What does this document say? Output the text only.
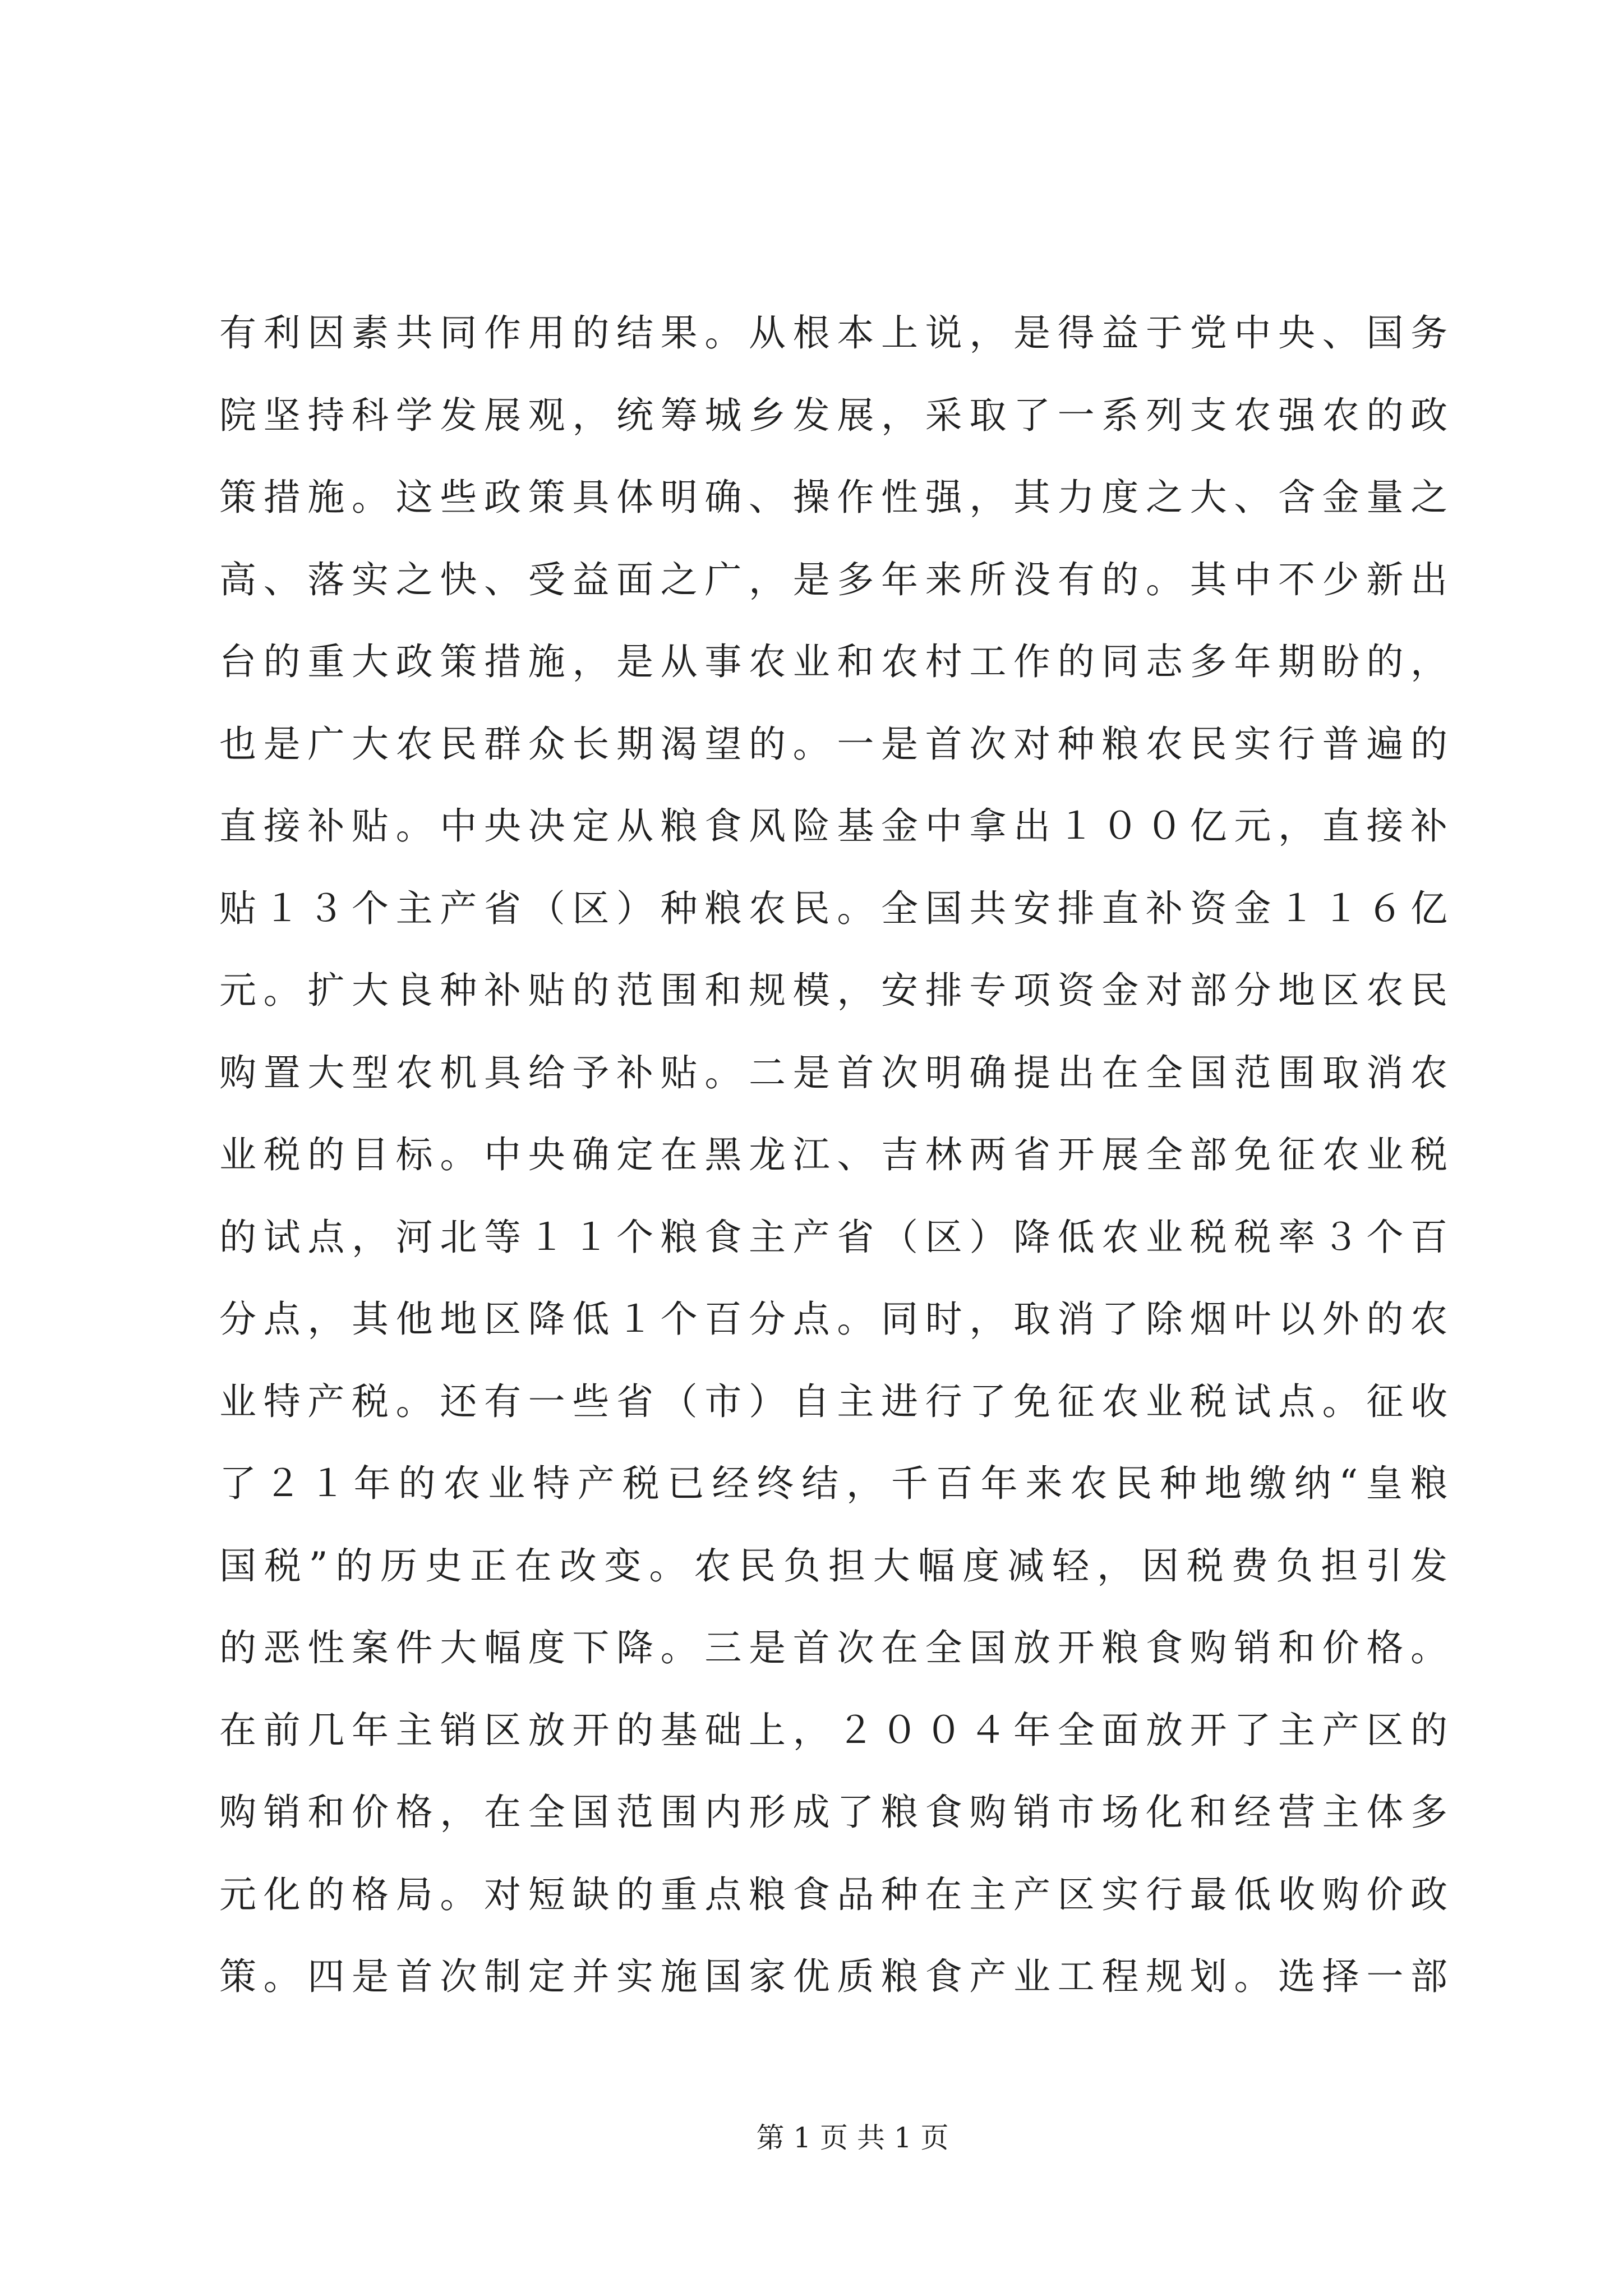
有利因素共同作用的结果。从根本上说，是得益于党中央、国务
院坚持科学发展观，统筹城乡发展，采取了一系列支农强农的政
策措施。这些政策具体明确、操作性强，其力度之大、含金量之
高、落实之快、受益面之广，是多年来所没有的。其中不少新出
台的重大政策措施，是从事农业和农村工作的同志多年期盼的，
也是广大农民群众长期渴望的。一是首次对种粮农民实行普遍的
直接补贴。中央决定从粮食风险基金中拿出１００亿元，直接补
贴１３个主产省（区）种粮农民。全国共安排直补资金１１６亿
元。扩大良种补贴的范围和规模，安排专项资金对部分地区农民
购置大型农机具给予补贴。二是首次明确提出在全国范围取消农
业税的目标。中央确定在黑龙江、吉林两省开展全部免征农业税
的试点，河北等１１个粮食主产省（区）降低农业税税率３个百
分点，其他地区降低１个百分点。同时，取消了除烟叶以外的农
业特产税。还有一些省（市）自主进行了免征农业税试点。征收
了２１年的农业特产税已经终结，千百年来农民种地缴纳“皇粮
国税”的历史正在改变。农民负担大幅度减轻，因税费负担引发
的恶性案件大幅度下降。三是首次在全国放开粮食购销和价格。
在前几年主销区放开的基础上，２００４年全面放开了主产区的
购销和价格，在全国范围内形成了粮食购销市场化和经营主体多
元化的格局。对短缺的重点粮食品种在主产区实行最低收购价政
策。四是首次制定并实施国家优质粮食产业工程规划。选择一部
第 1 页 共 1 页
